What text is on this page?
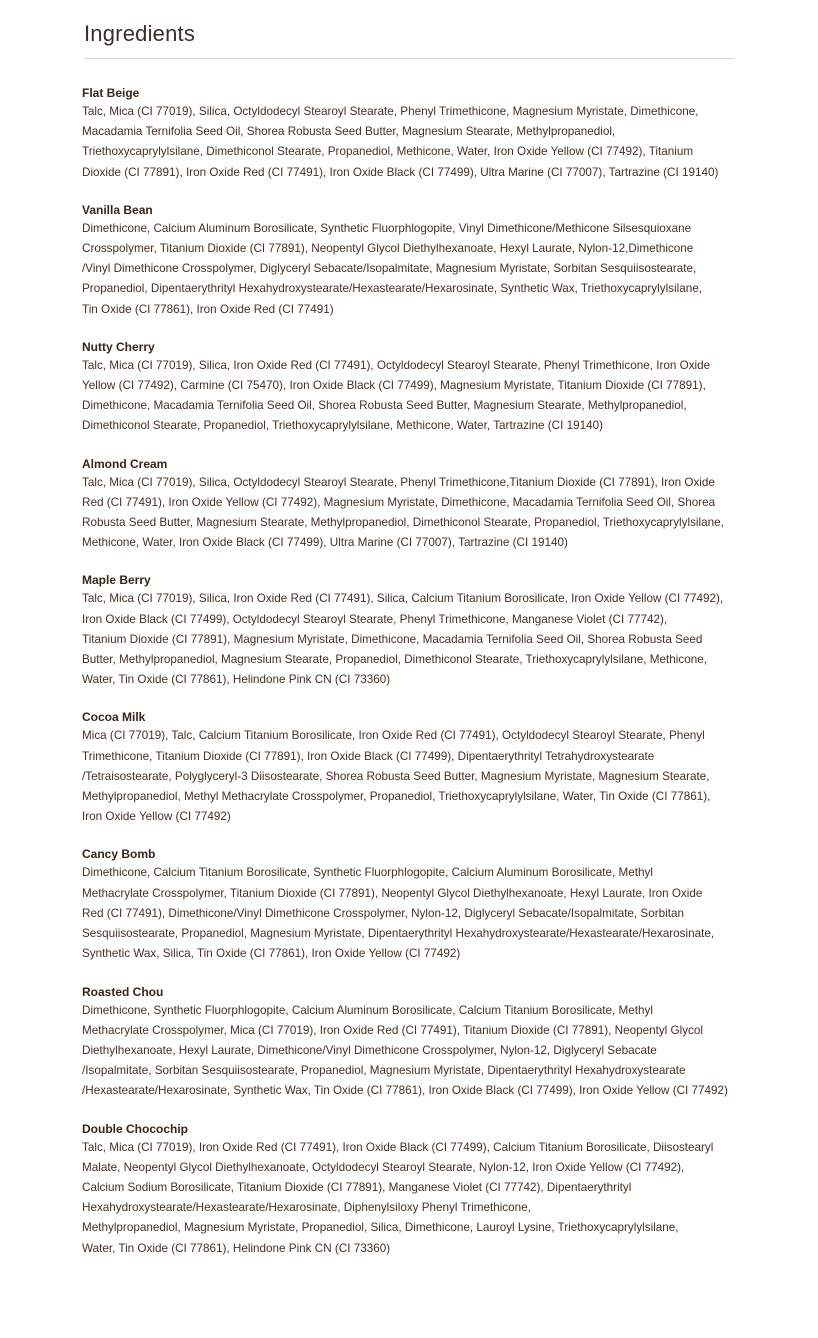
Ingredients
Flat Beige
Talc, Mica (CI 77019), Silica, Octyldodecyl Stearoyl Stearate, Phenyl Trimethicone, Magnesium Myristate, Dimethicone,
Macadamia Ternifolia Seed Oil, Shorea Robusta Seed Butter, Magnesium Stearate, Methylpropanediol,
Triethoxycaprylylsilane, Dimethiconol Stearate, Propanediol, Methicone, Water, Iron Oxide Yellow (CI 77492), Titanium
Dioxide (CI 77891), Iron Oxide Red (CI 77491), Iron Oxide Black (CI 77499), Ultra Marine (CI 77007), Tartrazine (CI 19140)
Vanilla Bean
Dimethicone, Calcium Aluminum Borosilicate, Synthetic Fluorphlogopite, Vinyl Dimethicone/Methicone Silsesquioxane
Crosspolymer, Titanium Dioxide (CI 77891), Neopentyl Glycol Diethylhexanoate, Hexyl Laurate, Nylon-12,Dimethicone
/Vinyl Dimethicone Crosspolymer, Diglyceryl Sebacate/Isopalmitate, Magnesium Myristate, Sorbitan Sesquiisostearate,
Propanediol, Dipentaerythrityl Hexahydroxystearate/Hexastearate/Hexarosinate, Synthetic Wax, Triethoxycaprylylsilane,
Tin Oxide (CI 77861), Iron Oxide Red (CI 77491)
Nutty Cherry
Talc, Mica (CI 77019), Silica, Iron Oxide Red (CI 77491), Octyldodecyl Stearoyl Stearate, Phenyl Trimethicone, Iron Oxide
Yellow (CI 77492), Carmine (CI 75470), Iron Oxide Black (CI 77499), Magnesium Myristate, Titanium Dioxide (CI 77891),
Dimethicone, Macadamia Ternifolia Seed Oil, Shorea Robusta Seed Butter, Magnesium Stearate, Methylpropanediol,
Dimethiconol Stearate, Propanediol, Triethoxycaprylylsilane, Methicone, Water, Tartrazine (CI 19140)
Almond Cream
Talc, Mica (CI 77019), Silica, Octyldodecyl Stearoyl Stearate, Phenyl Trimethicone,Titanium Dioxide (CI 77891), Iron Oxide
Red (CI 77491), Iron Oxide Yellow (CI 77492), Magnesium Myristate, Dimethicone, Macadamia Ternifolia Seed Oil, Shorea
Robusta Seed Butter, Magnesium Stearate, Methylpropanediol, Dimethiconol Stearate, Propanediol, Triethoxycaprylylsilane,
Methicone, Water, Iron Oxide Black (CI 77499), Ultra Marine (CI 77007), Tartrazine (CI 19140)
Maple Berry
Talc, Mica (CI 77019), Silica, Iron Oxide Red (CI 77491), Silica, Calcium Titanium Borosilicate, Iron Oxide Yellow (CI 77492),
Iron Oxide Black (CI 77499), Octyldodecyl Stearoyl Stearate, Phenyl Trimethicone, Manganese Violet (CI 77742),
Titanium Dioxide (CI 77891), Magnesium Myristate, Dimethicone, Macadamia Ternifolia Seed Oil, Shorea Robusta Seed
Butter, Methylpropanediol, Magnesium Stearate, Propanediol, Dimethiconol Stearate, Triethoxycaprylylsilane, Methicone,
Water, Tin Oxide (CI 77861), Helindone Pink CN (CI 73360)
Cocoa Milk
Mica (CI 77019), Talc, Calcium Titanium Borosilicate, Iron Oxide Red (CI 77491), Octyldodecyl Stearoyl Stearate, Phenyl
Trimethicone, Titanium Dioxide (CI 77891), Iron Oxide Black (CI 77499), Dipentaerythrityl Tetrahydroxystearate
/Tetraisostearate, Polyglyceryl-3 Diisostearate, Shorea Robusta Seed Butter, Magnesium Myristate, Magnesium Stearate,
Methylpropanediol, Methyl Methacrylate Crosspolymer, Propanediol, Triethoxycaprylylsilane, Water, Tin Oxide (CI 77861),
Iron Oxide Yellow (CI 77492)
Cancy Bomb
Dimethicone, Calcium Titanium Borosilicate, Synthetic Fluorphlogopite, Calcium Aluminum Borosilicate, Methyl
Methacrylate Crosspolymer, Titanium Dioxide (CI 77891), Neopentyl Glycol Diethylhexanoate, Hexyl Laurate, Iron Oxide
Red (CI 77491), Dimethicone/Vinyl Dimethicone Crosspolymer, Nylon-12, Diglyceryl Sebacate/Isopalmitate, Sorbitan
Sesquiisostearate, Propanediol, Magnesium Myristate, Dipentaerythrityl Hexahydroxystearate/Hexastearate/Hexarosinate,
Synthetic Wax, Silica, Tin Oxide (CI 77861), Iron Oxide Yellow (CI 77492)
Roasted Chou
Dimethicone, Synthetic Fluorphlogopite, Calcium Aluminum Borosilicate, Calcium Titanium Borosilicate, Methyl
Methacrylate Crosspolymer, Mica (CI 77019), Iron Oxide Red (CI 77491), Titanium Dioxide (CI 77891), Neopentyl Glycol
Diethylhexanoate, Hexyl Laurate, Dimethicone/Vinyl Dimethicone Crosspolymer, Nylon-12, Diglyceryl Sebacate
/Isopalmitate, Sorbitan Sesquiisostearate, Propanediol, Magnesium Myristate, Dipentaerythrityl Hexahydroxystearate
/Hexastearate/Hexarosinate, Synthetic Wax, Tin Oxide (CI 77861), Iron Oxide Black (CI 77499), Iron Oxide Yellow (CI 77492)
Double Chocochip
Talc, Mica (CI 77019), Iron Oxide Red (CI 77491), Iron Oxide Black (CI 77499), Calcium Titanium Borosilicate, Diisostearyl
Malate, Neopentyl Glycol Diethylhexanoate, Octyldodecyl Stearoyl Stearate, Nylon-12, Iron Oxide Yellow (CI 77492),
Calcium Sodium Borosilicate, Titanium Dioxide (CI 77891), Manganese Violet (CI 77742), Dipentaerythrityl
Hexahydroxystearate/Hexastearate/Hexarosinate, Diphenylsiloxy Phenyl Trimethicone,
Methylpropanediol, Magnesium Myristate, Propanediol, Silica, Dimethicone, Lauroyl Lysine, Triethoxycaprylylsilane,
Water, Tin Oxide (CI 77861), Helindone Pink CN (CI 73360)
